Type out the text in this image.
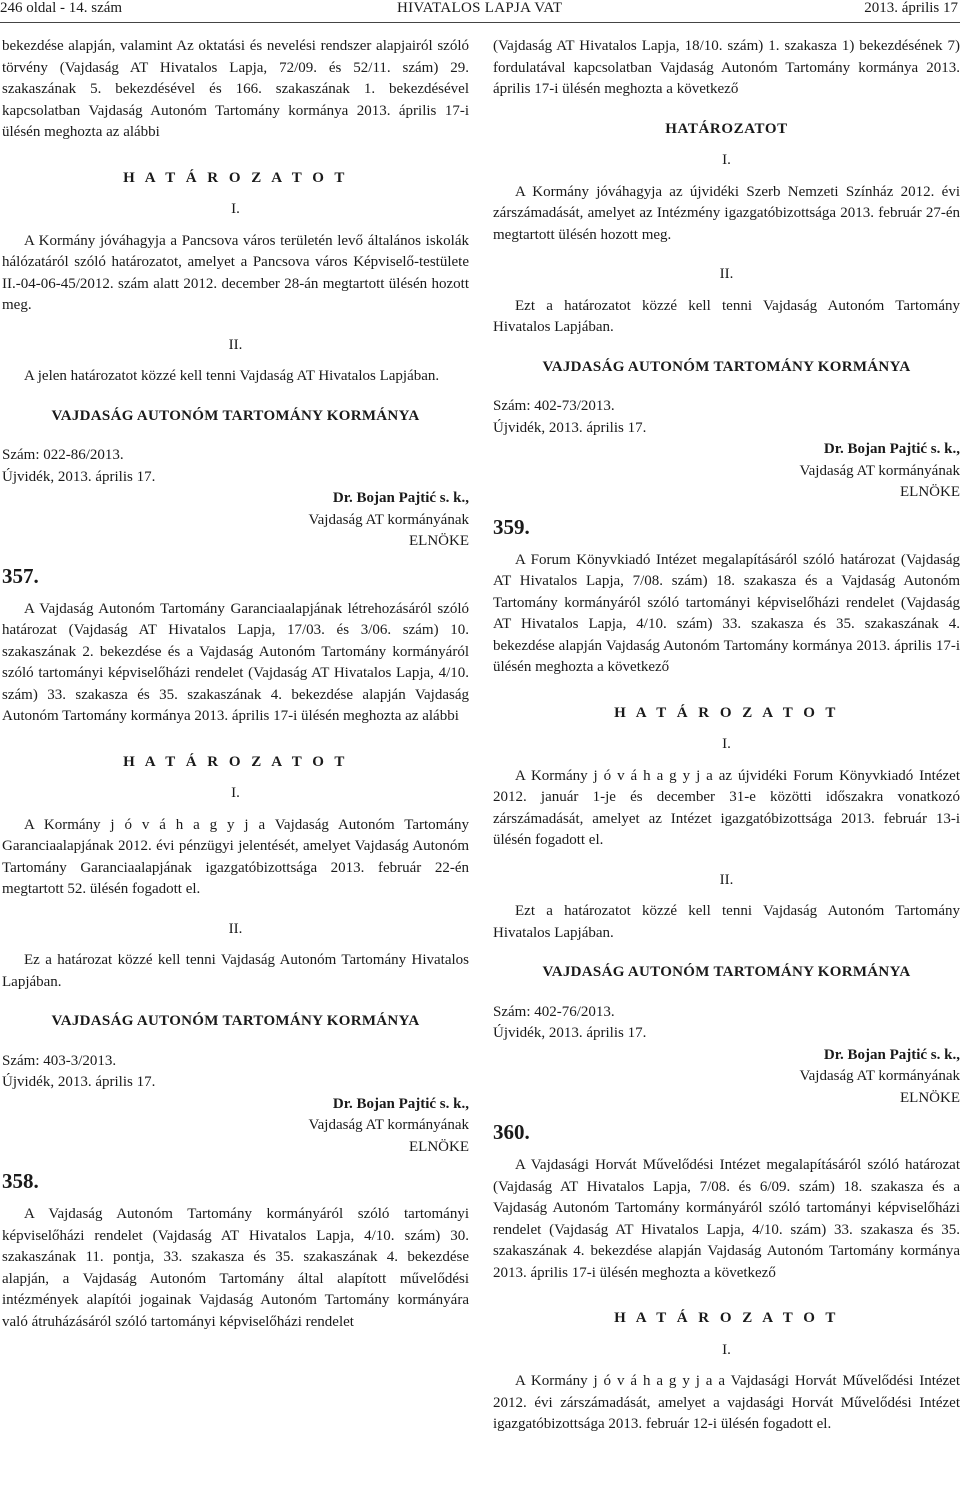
246 oldal - 14. szám	HIVATALOS LAPJA VAT	2013. április 17

bekezdése alapján, valamint Az oktatási és nevelési rendszer alapjairól szóló törvény (Vajdaság AT Hivatalos Lapja, 72/09. és 52/11. szám) 29. szakaszának 5. bekezdésével és 166. szakaszának 1. bekezdésével kapcsolatban Vajdaság Autonóm Tartomány kormánya 2013. április 17-i ülésén meghozta az alábbi

H A T Á R O Z A T O T

I.

A Kormány jóváhagyja a Pancsova város területén levő általános iskolák hálózatáról szóló határozatot, amelyet a Pancsova város Képviselő-testülete II.-04-06-45/2012. szám alatt 2012. december 28-án megtartott ülésén hozott meg.

II.

A jelen határozatot közzé kell tenni Vajdaság AT Hivatalos Lapjában.

VAJDASÁG AUTONÓM TARTOMÁNY KORMÁNYA

Szám: 022-86/2013.

Újvidék, 2013. április 17.

Dr. Bojan Pajtić s. k.,
Vajdaság AT kormányának
ELNÖKE

357.

A Vajdaság Autonóm Tartomány Garanciaalapjának létrehozásáról szóló határozat (Vajdaság AT Hivatalos Lapja, 17/03. és 3/06. szám) 10. szakaszának 2. bekezdése és a Vajdaság Autonóm Tartomány kormányáról szóló tartományi képviselőházi rendelet (Vajdaság AT Hivatalos Lapja, 4/10. szám) 33. szakasza és 35. szakaszának 4. bekezdése alapján Vajdaság Autonóm Tartomány kormánya 2013. április 17-i ülésén meghozta az alábbi

H A T Á R O Z A T O T

I.

A Kormány j ó v á h a g y j a Vajdaság Autonóm Tartomány Garanciaalapjának 2012. évi pénzügyi jelentését, amelyet Vajdaság Autonóm Tartomány Garanciaalapjának igazgatóbizottsága 2013. február 22-én megtartott 52. ülésén fogadott el.

II.

Ez a határozat közzé kell tenni Vajdaság Autonóm Tartomány Hivatalos Lapjában.

VAJDASÁG AUTONÓM TARTOMÁNY KORMÁNYA

Szám: 403-3/2013.

Újvidék, 2013. április 17.

Dr. Bojan Pajtić s. k.,
Vajdaság AT kormányának
ELNÖKE

358.

A Vajdaság Autonóm Tartomány kormányáról szóló tartományi képviselőházi rendelet (Vajdaság AT Hivatalos Lapja, 4/10. szám) 30. szakaszának 11. pontja, 33. szakasza és 35. szakaszának 4. bekezdése alapján, a Vajdaság Autonóm Tartomány által alapított művelődési intézmények alapítói jogainak Vajdaság Autonóm Tartomány kormányára való átruházásáról szóló tartományi képviselőházi rendelet

(Vajdaság AT Hivatalos Lapja, 18/10. szám) 1. szakasza 1) bekezdésének 7) fordulatával kapcsolatban Vajdaság Autonóm Tartomány kormánya 2013. április 17-i ülésén meghozta a következő

HATÁROZATOT

I.

A Kormány jóváhagyja az újvidéki Szerb Nemzeti Színház 2012. évi zárszámadását, amelyet az Intézmény igazgatóbizottsága 2013. február 27-én megtartott ülésén hozott meg.

II.

Ezt a határozatot közzé kell tenni Vajdaság Autonóm Tartomány Hivatalos Lapjában.

VAJDASÁG AUTONÓM TARTOMÁNY KORMÁNYA

Szám: 402-73/2013.

Újvidék, 2013. április 17.

Dr. Bojan Pajtić s. k.,
Vajdaság AT kormányának
ELNÖKE

359.

A Forum Könyvkiadó Intézet megalapításáról szóló határozat (Vajdaság AT Hivatalos Lapja, 7/08. szám) 18. szakasza és a Vajdaság Autonóm Tartomány kormányáról szóló tartományi képviselőházi rendelet (Vajdaság AT Hivatalos Lapja, 4/10. szám) 33. szakasza és 35. szakaszának 4. bekezdése alapján Vajdaság Autonóm Tartomány kormánya 2013. április 17-i ülésén meghozta a következő

H A T Á R O Z A T O T

I.

A Kormány j ó v á h a g y j a az újvidéki Forum Könyvkiadó Intézet 2012. január 1-je és december 31-e közötti időszakra vonatkozó zárszámadását, amelyet az Intézet igazgatóbizottsága 2013. február 13-i ülésén fogadott el.

II.

Ezt a határozatot közzé kell tenni Vajdaság Autonóm Tartomány Hivatalos Lapjában.

VAJDASÁG AUTONÓM TARTOMÁNY KORMÁNYA

Szám: 402-76/2013.

Újvidék, 2013. április 17.

Dr. Bojan Pajtić s. k.,
Vajdaság AT kormányának
ELNÖKE

360.

A Vajdasági Horvát Művelődési Intézet megalapításáról szóló határozat (Vajdaság AT Hivatalos Lapja, 7/08. és 6/09. szám) 18. szakasza és a Vajdaság Autonóm Tartomány kormányáról szóló tartományi képviselőházi rendelet (Vajdaság AT Hivatalos Lapja, 4/10. szám) 33. szakasza és 35. szakaszának 4. bekezdése alapján Vajdaság Autonóm Tartomány kormánya 2013. április 17-i ülésén meghozta a következő

H A T Á R O Z A T O T

I.

A Kormány j ó v á h a g y j a a Vajdasági Horvát Művelődési Intézet 2012. évi zárszámadását, amelyet a vajdasági Horvát Művelődési Intézet igazgatóbizottsága 2013. február 12-i ülésén fogadott el.
